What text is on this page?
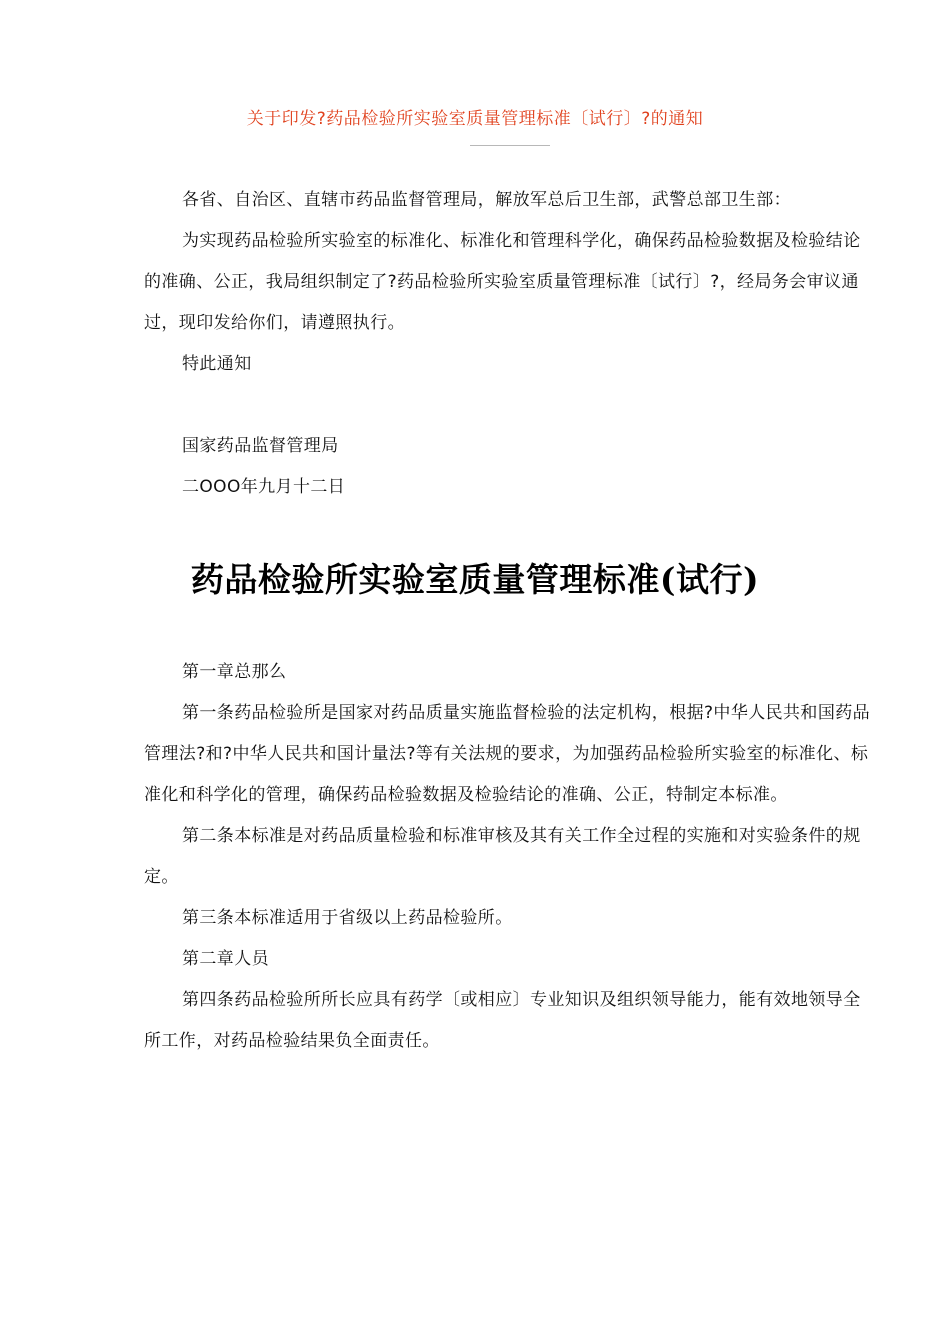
关于印发?药品检验所实验室质量管理标准〔试行〕?的通知

各省、自治区、直辖市药品监督管理局，解放军总后卫生部，武警总部卫生部：

为实现药品检验所实验室的标准化、标准化和管理科学化，确保药品检验数据及检验结论的准确、公正，我局组织制定了?药品检验所实验室质量管理标准〔试行〕?，经局务会审议通过，现印发给你们，请遵照执行。

特此通知

国家药品监督管理局
二OOO年九月十二日
药品检验所实验室质量管理标准(试行)

第一章总那么

第一条药品检验所是国家对药品质量实施监督检验的法定机构，根据?中华人民共和国药品管理法?和?中华人民共和国计量法?等有关法规的要求，为加强药品检验所实验室的标准化、标准化和科学化的管理，确保药品检验数据及检验结论的准确、公正，特制定本标准。

第二条本标准是对药品质量检验和标准审核及其有关工作全过程的实施和对实验条件的规定。

第三条本标准适用于省级以上药品检验所。

第二章人员

第四条药品检验所所长应具有药学〔或相应〕专业知识及组织领导能力，能有效地领导全所工作，对药品检验结果负全面责任。
